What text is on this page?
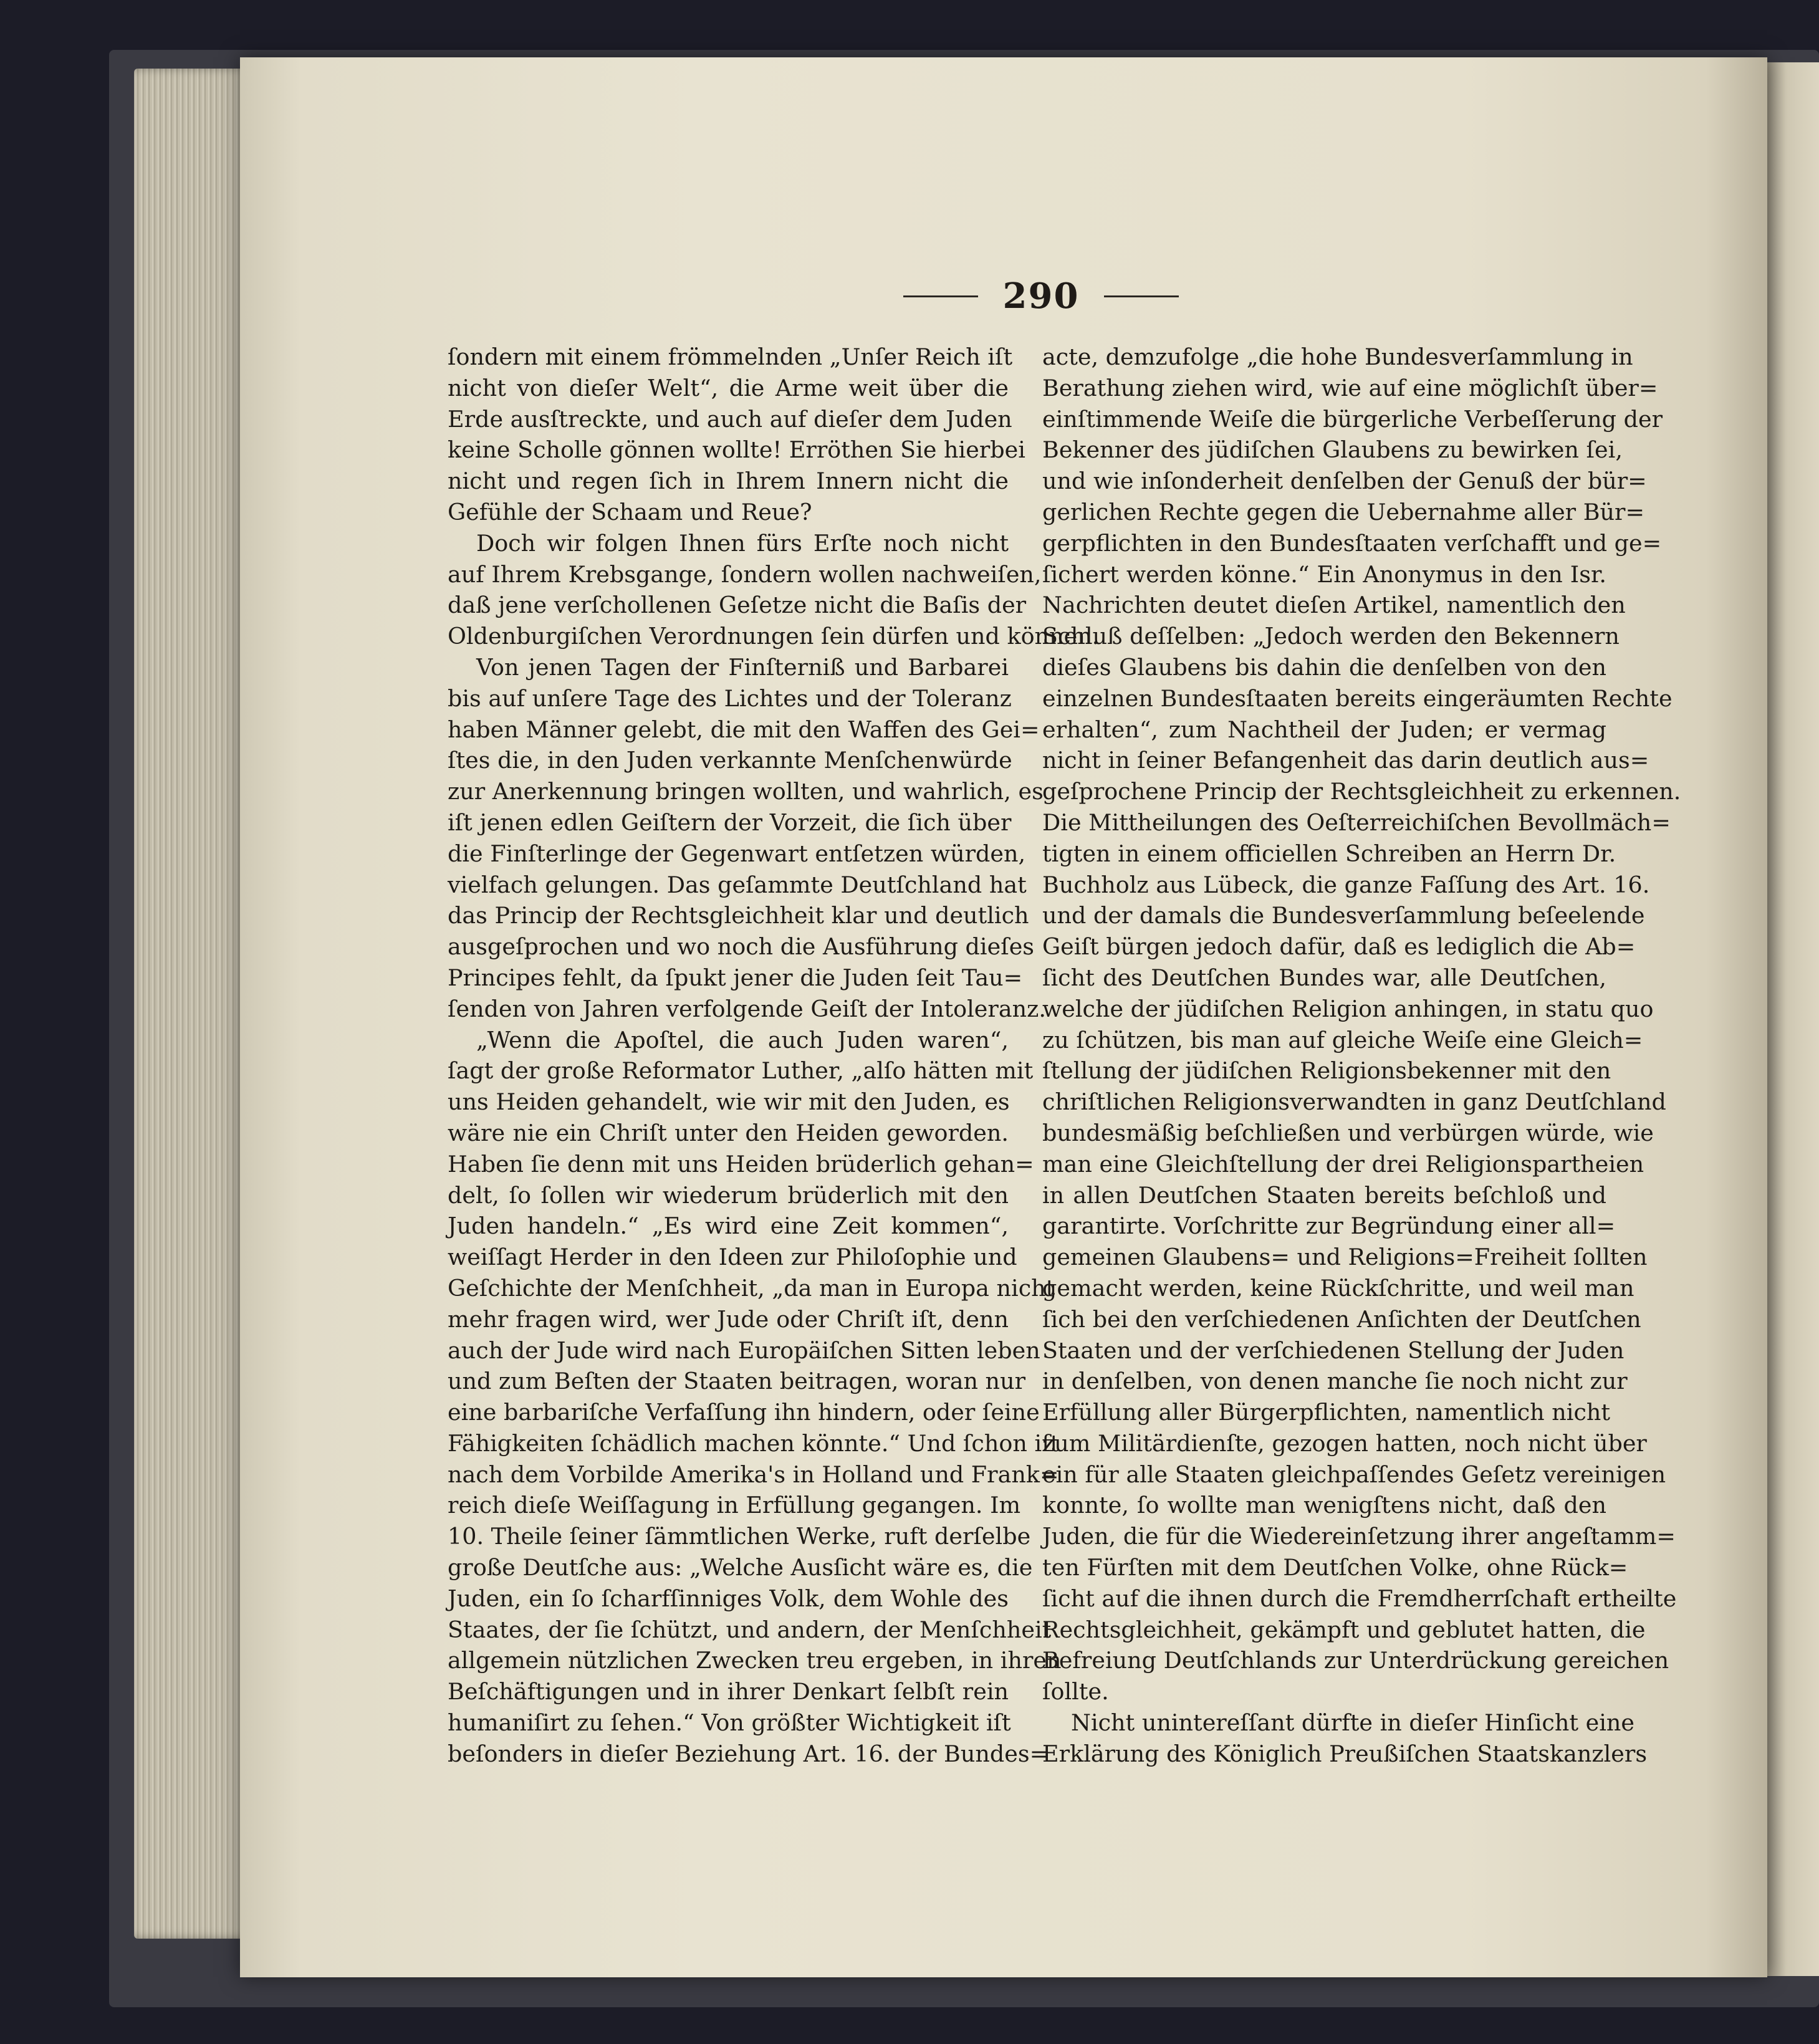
290
ſondern mit einem frömmelnden „Unſer Reich iſt
nicht von dieſer Welt“, die Arme weit über die
Erde ausſtreckte, und auch auf dieſer dem Juden
keine Scholle gönnen wollte! Erröthen Sie hierbei
nicht und regen ſich in Ihrem Innern nicht die
Gefühle der Schaam und Reue?
Doch wir folgen Ihnen fürs Erſte noch nicht
auf Ihrem Krebsgange, ſondern wollen nachweiſen,
daß jene verſchollenen Geſetze nicht die Baſis der
Oldenburgiſchen Verordnungen ſein dürfen und können.
Von jenen Tagen der Finſterniß und Barbarei
bis auf unſere Tage des Lichtes und der Toleranz
haben Männer gelebt, die mit den Waffen des Gei=
ſtes die, in den Juden verkannte Menſchenwürde
zur Anerkennung bringen wollten, und wahrlich, es
iſt jenen edlen Geiſtern der Vorzeit, die ſich über
die Finſterlinge der Gegenwart entſetzen würden,
vielfach gelungen. Das geſammte Deutſchland hat
das Princip der Rechtsgleichheit klar und deutlich
ausgeſprochen und wo noch die Ausführung dieſes
Principes fehlt, da ſpukt jener die Juden ſeit Tau=
ſenden von Jahren verfolgende Geiſt der Intoleranz.
„Wenn die Apoſtel, die auch Juden waren“,
ſagt der große Reformator Luther, „alſo hätten mit
uns Heiden gehandelt, wie wir mit den Juden, es
wäre nie ein Chriſt unter den Heiden geworden.
Haben ſie denn mit uns Heiden brüderlich gehan=
delt, ſo ſollen wir wiederum brüderlich mit den
Juden handeln.“ „Es wird eine Zeit kommen“,
weiſſagt Herder in den Ideen zur Philoſophie und
Geſchichte der Menſchheit, „da man in Europa nicht
mehr fragen wird, wer Jude oder Chriſt iſt, denn
auch der Jude wird nach Europäiſchen Sitten leben
und zum Beſten der Staaten beitragen, woran nur
eine barbariſche Verfaſſung ihn hindern, oder ſeine
Fähigkeiten ſchädlich machen könnte.“ Und ſchon iſt
nach dem Vorbilde Amerika's in Holland und Frank=
reich dieſe Weiſſagung in Erfüllung gegangen. Im
10. Theile ſeiner ſämmtlichen Werke, ruft derſelbe
große Deutſche aus: „Welche Ausſicht wäre es, die
Juden, ein ſo ſcharfſinniges Volk, dem Wohle des
Staates, der ſie ſchützt, und andern, der Menſchheit
allgemein nützlichen Zwecken treu ergeben, in ihren
Beſchäftigungen und in ihrer Denkart ſelbſt rein
humaniſirt zu ſehen.“ Von größter Wichtigkeit iſt
beſonders in dieſer Beziehung Art. 16. der Bundes=
acte, demzufolge „die hohe Bundesverſammlung in
Berathung ziehen wird, wie auf eine möglichſt über=
einſtimmende Weiſe die bürgerliche Verbeſſerung der
Bekenner des jüdiſchen Glaubens zu bewirken ſei,
und wie inſonderheit denſelben der Genuß der bür=
gerlichen Rechte gegen die Uebernahme aller Bür=
gerpflichten in den Bundesſtaaten verſchafft und ge=
ſichert werden könne.“ Ein Anonymus in den Isr.
Nachrichten deutet dieſen Artikel, namentlich den
Schluß deſſelben: „Jedoch werden den Bekennern
dieſes Glaubens bis dahin die denſelben von den
einzelnen Bundesſtaaten bereits eingeräumten Rechte
erhalten“, zum Nachtheil der Juden; er vermag
nicht in ſeiner Befangenheit das darin deutlich aus=
geſprochene Princip der Rechtsgleichheit zu erkennen.
Die Mittheilungen des Oeſterreichiſchen Bevollmäch=
tigten in einem officiellen Schreiben an Herrn Dr.
Buchholz aus Lübeck, die ganze Faſſung des Art. 16.
und der damals die Bundesverſammlung beſeelende
Geiſt bürgen jedoch dafür, daß es lediglich die Ab=
ſicht des Deutſchen Bundes war, alle Deutſchen,
welche der jüdiſchen Religion anhingen, in statu quo
zu ſchützen, bis man auf gleiche Weiſe eine Gleich=
ſtellung der jüdiſchen Religionsbekenner mit den
chriſtlichen Religionsverwandten in ganz Deutſchland
bundesmäßig beſchließen und verbürgen würde, wie
man eine Gleichſtellung der drei Religionspartheien
in allen Deutſchen Staaten bereits beſchloß und
garantirte. Vorſchritte zur Begründung einer all=
gemeinen Glaubens= und Religions=Freiheit ſollten
gemacht werden, keine Rückſchritte, und weil man
ſich bei den verſchiedenen Anſichten der Deutſchen
Staaten und der verſchiedenen Stellung der Juden
in denſelben, von denen manche ſie noch nicht zur
Erfüllung aller Bürgerpflichten, namentlich nicht
zum Militärdienſte, gezogen hatten, noch nicht über
ein für alle Staaten gleichpaſſendes Geſetz vereinigen
konnte, ſo wollte man wenigſtens nicht, daß den
Juden, die für die Wiedereinſetzung ihrer angeſtamm=
ten Fürſten mit dem Deutſchen Volke, ohne Rück=
ſicht auf die ihnen durch die Fremdherrſchaft ertheilte
Rechtsgleichheit, gekämpft und geblutet hatten, die
Befreiung Deutſchlands zur Unterdrückung gereichen
ſollte.
Nicht unintereſſant dürfte in dieſer Hinſicht eine
Erklärung des Königlich Preußiſchen Staatskanzlers
